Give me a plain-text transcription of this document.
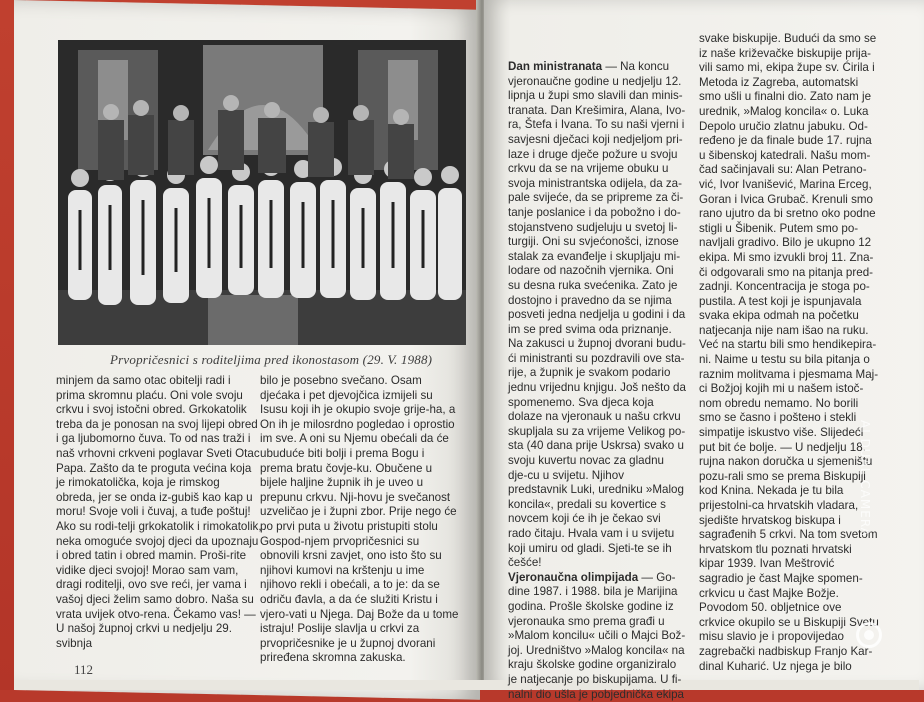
Prvopričesnici s roditeljima pred ikonostasom (29. V. 1988)

minjem da samo otac obitelji radi i prima skromnu plaću. Oni vole svoju crkvu i svoj istočni obred. Grkokatolik treba da je ponosan na svoj lijepi obred i ga ljubomorno čuva. To od nas traži i naš vrhovni crkveni poglavar Sveti Otac Papa. Zašto da te proguta većina koja je rimokatolička, koja je rimskog obreda, jer se onda iz-gubiš kao kap u moru! Svoje voli i čuvaj, a tuđe poštuj! Ako su rodi-telji grkokatolik i rimokatolik, neka omoguće svojoj djeci da upoznaju i obred tatin i obred mamin. Proši-rite vidike djeci svojoj! Morao sam vam, dragi roditelji, ovo sve reći, jer vama i vašoj djeci želim samo dobro. Naša su vrata uvijek otvo-rena. Čekamo vas! — U našoj župnoj crkvi u nedjelju 29. svibnja

bilo je posebno svečano. Osam djećaka i pet djevojčica izmijeli su Isusu koji ih je okupio svoje grije-ha, a On ih je milosrdno pogledao i oprostio im sve. A oni su Njemu obećali da će ubuduće biti bolji i prema Bogu i prema bratu čovje-ku. Obučene u bijele haljine župnik ih je uveo u prepunu crkvu. Nji-hovu je svečanost uzveličao je i župni zbor. Prije nego će po prvi puta u životu pristupiti stolu Gospod-njem prvopričesnici su obnovili krsni zavjet, ono isto što su njihovi kumovi na krštenju u ime njihovo rekli i obećali, a to je: da se odriču đavla, a da će služiti Kristu i vjero-vati u Njega. Daj Bože da u tome istraju! Poslije slavlja u crkvi za prvopričesnike je u župnoj dvorani priređena skromna zakuska.

112

Dan ministranata — Na koncu vjeronaučne godine u nedjelju 12. lipnja u župi smo slavili dan minis-tranata. Dan Krešimira, Alana, Ivo-ra, Štefa i Ivana. To su naši vjerni i savjesni dječaci koji nedjeljom pri-laze i druge dječe požure u svoju crkvu da se na vrijeme obuku u svoja ministrantska odijela, da za-pale svijeće, da se pripreme za či-tanje poslanice i da pobožno i do-stojanstveno sudjeluju u svetoj li-turgiji. Oni su svjećonošci, iznose stalak za evanđelje i skupljaju mi-lodare od nazočnih vjernika. Oni su desna ruka svećenika. Zato je dostojno i pravedno da se njima posveti jedna nedjelja u godini i da im se pred svima oda priznanje. Na zakusci u župnoj dvorani budu-ći ministranti su pozdravili ove sta-rije, a župnik je svakom podario jednu vrijednu knjigu. Još nešto da spomenemo. Sva djeca koja dolaze na vjeronauk u našu crkvu skupljala su za vrijeme Velikog po-sta (40 dana prije Uskrsa) svako u svoju kuvertu novac za gladnu dje-cu u svijetu. Njihov predstavnik Luki, uredniku »Malog koncila«, predali su kovertice s novcem koji će ih je čekao svi rado čitaju. Hvala vam i u svijetu koji umiru od gladi. Sjeti-te se ih češće!

Vjeronaučna olimpijada — Go-dine 1987. i 1988. bila je Marijina godina. Prošle školske godine iz vjeronauka smo prema građi u »Malom koncilu« učili o Majci Bož-joj. Uredništvo »Malog koncila« na kraju školske godine organiziralo je natjecanje po biskupijama. U fi-nalni dio ušla je pobjednička ekipa

svake biskupije. Budući da smo se iz naše križevačke biskupije prija-vili samo mi, ekipa župe sv. Ćirila i Metoda iz Zagreba, automatski smo ušli u finalni dio. Zato nam je urednik, »Malog koncila« o. Luka Depolo uručio zlatnu jabuku. Od-ređeno je da finale bude 17. rujna u šibenskoj katedrali. Našu mom-čad sačinjavali su: Alan Petrano-vić, Ivor Ivanišević, Marina Erceg, Goran i Ivica Grubač. Krenuli smo rano ujutro da bi sretno oko podne stigli u Šibenik. Putem smo po-navljali gradivo. Bilo je ukupno 12 ekipa. Mi smo izvukli broj 11. Zna-či odgovarali smo na pitanja pred-zadnji. Koncentracija je stoga po-pustila. A test koji je ispunjavala svaka ekipa odmah na početku natjecanja nije nam išao na ruku. Već na startu bili smo hendikepira-ni. Naime u testu su bila pitanja o raznim molitvama i pjesmama Maj-ci Božjoj kojih mi u našem istoč-nom obredu nemamo. No borili smo se časno i poštено i stekli simpatije iskustvo više. Slijedeći put bit će bolje. — U nedjelju 18. rujna nakon doručka u sjemeništu pozu-rali smo se prema Biskupiji kod Knina. Nekada je tu bila prijestolni-ca hrvatskih vladara, sjedište hrvatskog biskupa i sagrađenih 5 crkvi. Na tom svetom hrvatskom tlu poznati hrvatski kipar 1939. Ivan Meštrović sagradio je čast Majke spomen-crkvicu u čast Majke Božje. Povodom 50. obljetnice ove crkvice okupilo se u Biskupiji Svetu misu slavio je i propovijedao zagrebački nadbiskup Franjo Kar-dinal Kuharić. Uz njega je bilo

AI DUAL CAMERA
